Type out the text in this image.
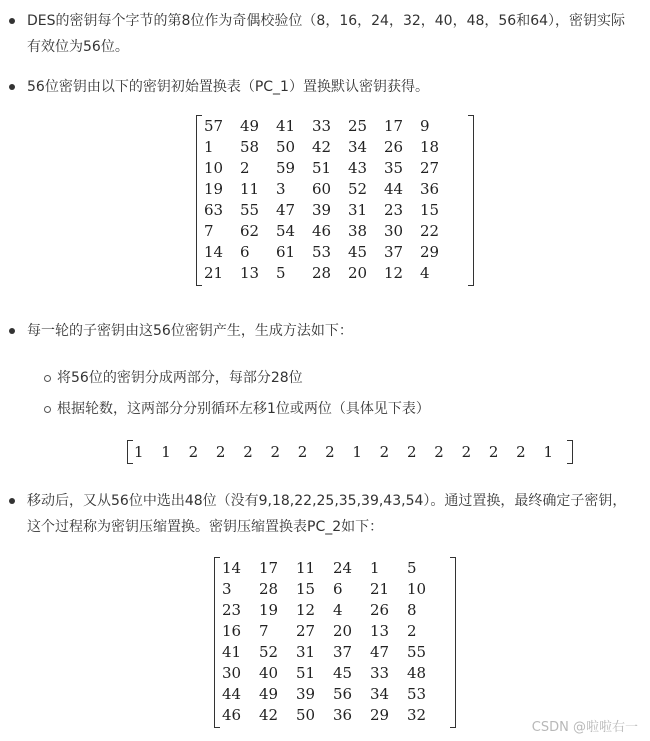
DES的密钥每个字节的第8位作为奇偶校验位（8，16，24，32，40，48，56和64），密钥实际
有效位为56位。
56位密钥由以下的密钥初始置换表（PC_1）置换默认密钥获得。
57	49	41	33	25	17	9
1	58	50	42	34	26	18
10	2	59	51	43	35	27
19	11	3	60	52	44	36
63	55	47	39	31	23	15
7	62	54	46	38	30	22
14	6	61	53	45	37	29
21	13	5	28	20	12	4
每一轮的子密钥由这56位密钥产生，生成方法如下：
将56位的密钥分成两部分，每部分28位
根据轮数，这两部分分别循环左移1位或两位（具体见下表）
1	1	2	2	2	2	2	2	1	2	2	2	2	2	2	1
移动后，又从56位中选出48位（没有9,18,22,25,35,39,43,54）。通过置换，最终确定子密钥，
这个过程称为密钥压缩置换。密钥压缩置换表PC_2如下：
14	17	11	24	1	5
3	28	15	6	21	10
23	19	12	4	26	8
16	7	27	20	13	2
41	52	31	37	47	55
30	40	51	45	33	48
44	49	39	56	34	53
46	42	50	36	29	32
CSDN @啦啦右一
